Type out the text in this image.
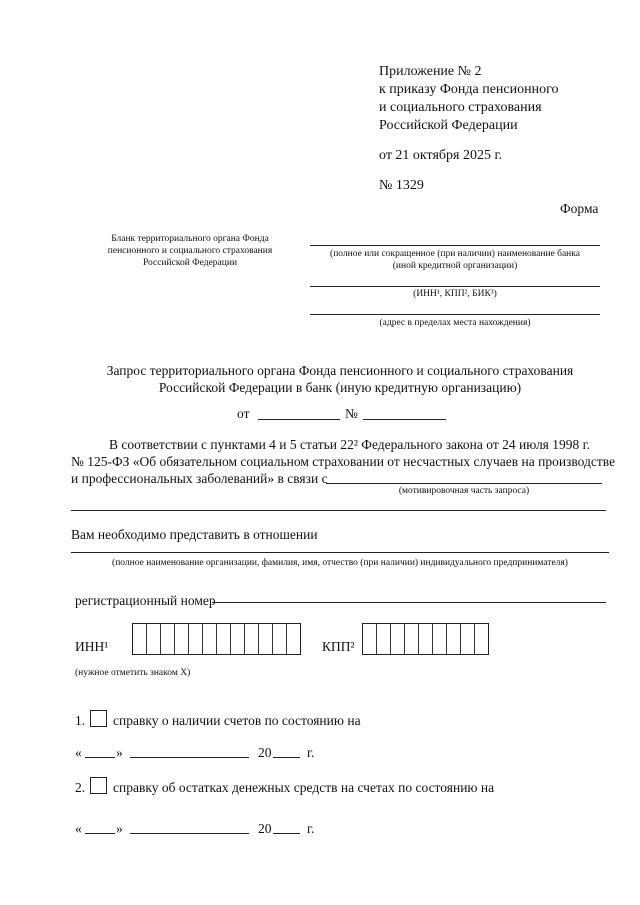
Приложение № 2
к приказу Фонда пенсионного
и социального страхования
Российской Федерации
от 21 октября 2025 г.
№ 1329
Форма
Бланк территориального органа Фонда
пенсионного и социального страхования
Российской Федерации
(полное или сокращенное (при наличии) наименование банка
(иной кредитной организации)
(ИНН¹, КПП², БИК³)
(адрес в пределах места нахождения)
Запрос территориального органа Фонда пенсионного и социального страхования
Российской Федерации в банк (иную кредитную организацию)
от	№
В соответствии с пунктами 4 и 5 статьи 22² Федерального закона от 24 июля 1998 г.
№ 125-ФЗ «Об обязательном социальном страховании от несчастных случаев на производстве
и профессиональных заболеваний» в связи с
(мотивировочная часть запроса)
Вам необходимо представить в отношении
(полное наименование организации, фамилия, имя, отчество (при наличии) индивидуального предпринимателя)
регистрационный номер
ИНН¹	КПП²
(нужное отметить знаком X)
1. справку о наличии счетов по состоянию на
«	»	20	г.
2. справку об остатках денежных средств на счетах по состоянию на
«	»	20	г.
